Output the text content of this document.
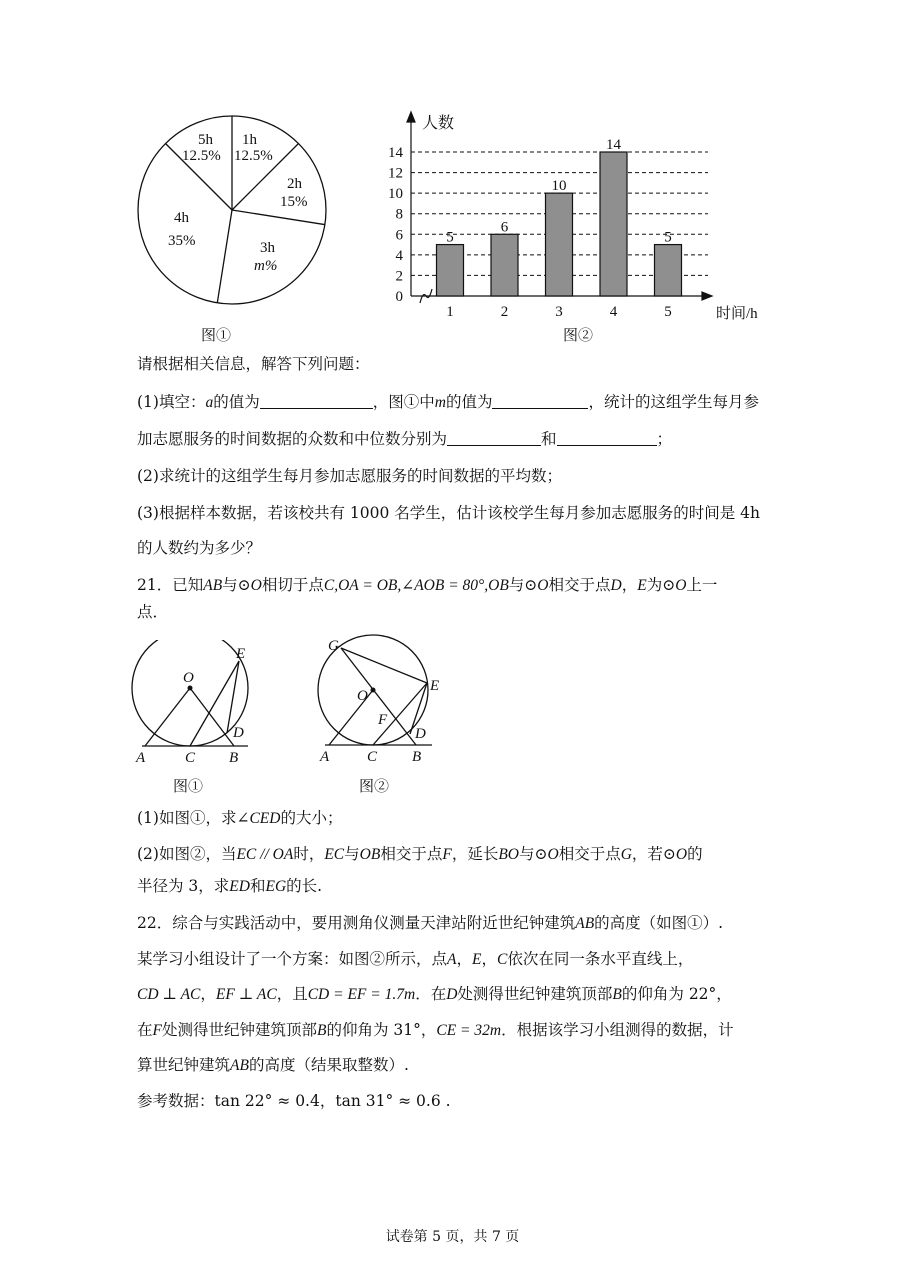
1h
12.5%
2h
15%
3h
m%
4h
35%
5h
12.5%
图①
0
2
4
6
8
10
12
14
5
1
6
2
10
3
14
4
5
5
人数
时间/h
图②
请根据相关信息，解答下列问题：
(1)填空：a的值为	，图①中m的值为	，统计的这组学生每月参
加志愿服务的时间数据的众数和中位数分别为	和	；
(2)求统计的这组学生每月参加志愿服务的时间数据的平均数；
(3)根据样本数据，若该校共有 1000 名学生，估计该校学生每月参加志愿服务的时间是 4h
的人数约为多少？
21．已知AB与⊙O相切于点C,OA = OB,∠AOB = 80°,OB与⊙O相交于点D，E为⊙O上一
点．
O
A	C B
D
E
图①
G
O
F
E
D
A	C B
图②
(1)如图①，求∠CED的大小；
(2)如图②，当EC // OA时，EC与OB相交于点F，延长BO与⊙O相交于点G，若⊙O的
半径为 3，求ED和EG的长.
22．综合与实践活动中，要用测角仪测量天津站附近世纪钟建筑AB的高度（如图①）.
某学习小组设计了一个方案：如图②所示，点A，E，C依次在同一条水平直线上，
CD ⊥ AC，EF ⊥ AC，且CD = EF = 1.7m．在D处测得世纪钟建筑顶部B的仰角为 22°，
在F处测得世纪钟建筑顶部B的仰角为 31°，CE = 32m．根据该学习小组测得的数据，计
算世纪钟建筑AB的高度（结果取整数）.
参考数据：tan 22° ≈ 0.4，tan 31° ≈ 0.6 .
试卷第 5 页，共 7 页
